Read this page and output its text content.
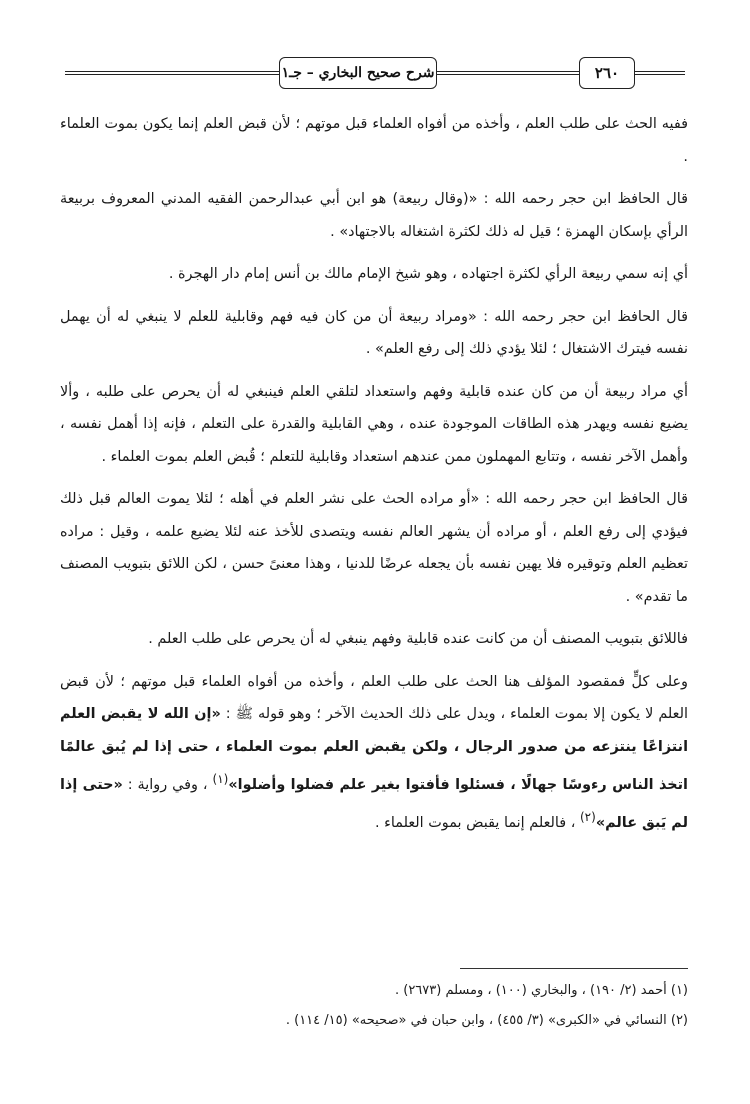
٢٦٠
شرح صحيح البخاري – جـ١

ففيه الحث على طلب العلم ، وأخذه من أفواه العلماء قبل موتهم ؛ لأن قبض العلم إنما يكون بموت العلماء .

قال الحافظ ابن حجر رحمه الله : «(وقال ربيعة) هو ابن أبي عبدالرحمن الفقيه المدني المعروف بربيعة الرأي بإسكان الهمزة ؛ قيل له ذلك لكثرة اشتغاله بالاجتهاد» .

أي إنه سمي ربيعة الرأي لكثرة اجتهاده ، وهو شيخ الإمام مالك بن أنس إمام دار الهجرة .

قال الحافظ ابن حجر رحمه الله : «ومراد ربيعة أن من كان فيه فهم وقابلية للعلم لا ينبغي له أن يهمل نفسه فيترك الاشتغال ؛ لئلا يؤدي ذلك إلى رفع العلم» .

أي مراد ربيعة أن من كان عنده قابلية وفهم واستعداد لتلقي العلم فينبغي له أن يحرص على طلبه ، وألا يضيع نفسه ويهدر هذه الطاقات الموجودة عنده ، وهي القابلية والقدرة على التعلم ، فإنه إذا أهمل نفسه ، وأهمل الآخر نفسه ، وتتابع المهملون ممن عندهم استعداد وقابلية للتعلم ؛ قُبض العلم بموت العلماء .

قال الحافظ ابن حجر رحمه الله : «أو مراده الحث على نشر العلم في أهله ؛ لئلا يموت العالم قبل ذلك فيؤدي إلى رفع العلم ، أو مراده أن يشهر العالم نفسه ويتصدى للأخذ عنه لئلا يضيع علمه ، وقيل : مراده تعظيم العلم وتوقيره فلا يهين نفسه بأن يجعله عرضًا للدنيا ، وهذا معنىً حسن ، لكن اللائق بتبويب المصنف ما تقدم» .

فاللائق بتبويب المصنف أن من كانت عنده قابلية وفهم ينبغي له أن يحرص على طلب العلم .

وعلى كلٍّ فمقصود المؤلف هنا الحث على طلب العلم ، وأخذه من أفواه العلماء قبل موتهم ؛ لأن قبض العلم لا يكون إلا بموت العلماء ، ويدل على ذلك الحديث الآخر ؛ وهو قوله ﷺ : «إن الله لا يقبض العلم انتزاعًا ينتزعه من صدور الرجال ، ولكن يقبض العلم بموت العلماء ، حتى إذا لم يُبق عالمًا اتخذ الناس رءوسًا جهالًا ، فسئلوا فأفتوا بغير علم فضلوا وأضلوا»$^{(١)}$ ، وفي رواية : «حتى إذا لم يَبق عالم»$^{(٢)}$ ، فالعلم إنما يقبض بموت العلماء .

(١) أحمد (٢/ ١٩٠) ، والبخاري (١٠٠) ، ومسلم (٢٦٧٣) .

(٢) النسائي في «الكبرى» (٣/ ٤٥٥) ، وابن حبان في «صحيحه» (١٥/ ١١٤) .
